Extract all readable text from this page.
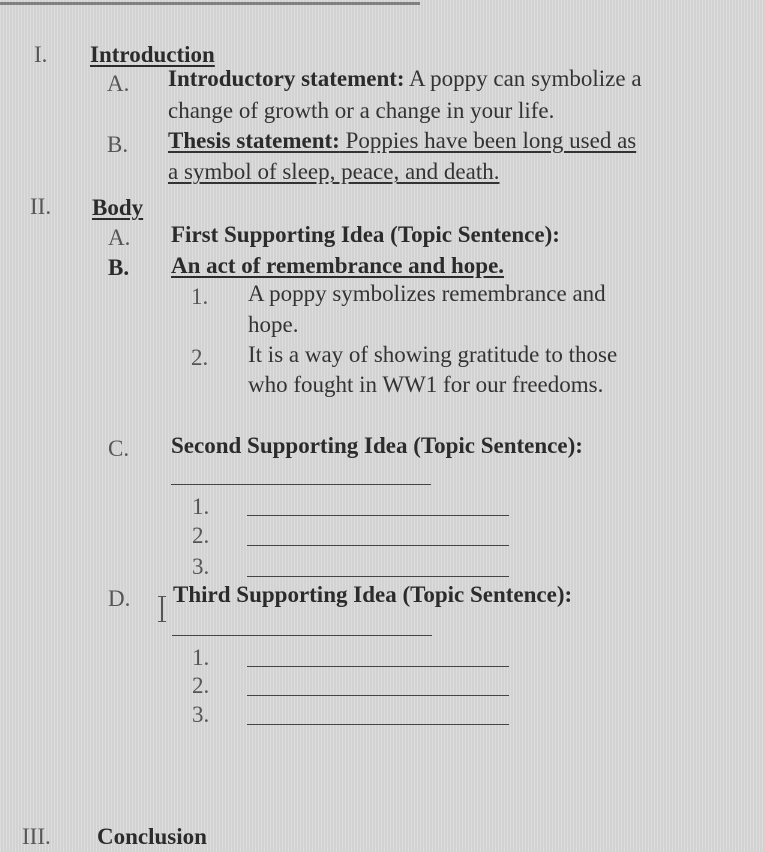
I. Introduction
A. Introductory statement: A poppy can symbolize a
change of growth or a change in your life.
B. Thesis statement: Poppies have been long used as
a symbol of sleep, peace, and death.
II. Body
A. First Supporting Idea (Topic Sentence):
B. An act of remembrance and hope.
1. A poppy symbolizes remembrance and
hope.
2. It is a way of showing gratitude to those
who fought in WW1 for our freedoms.
C. Second Supporting Idea (Topic Sentence):
1.
2.
3.
D. Third Supporting Idea (Topic Sentence):
1.
2.
3.
III. Conclusion
